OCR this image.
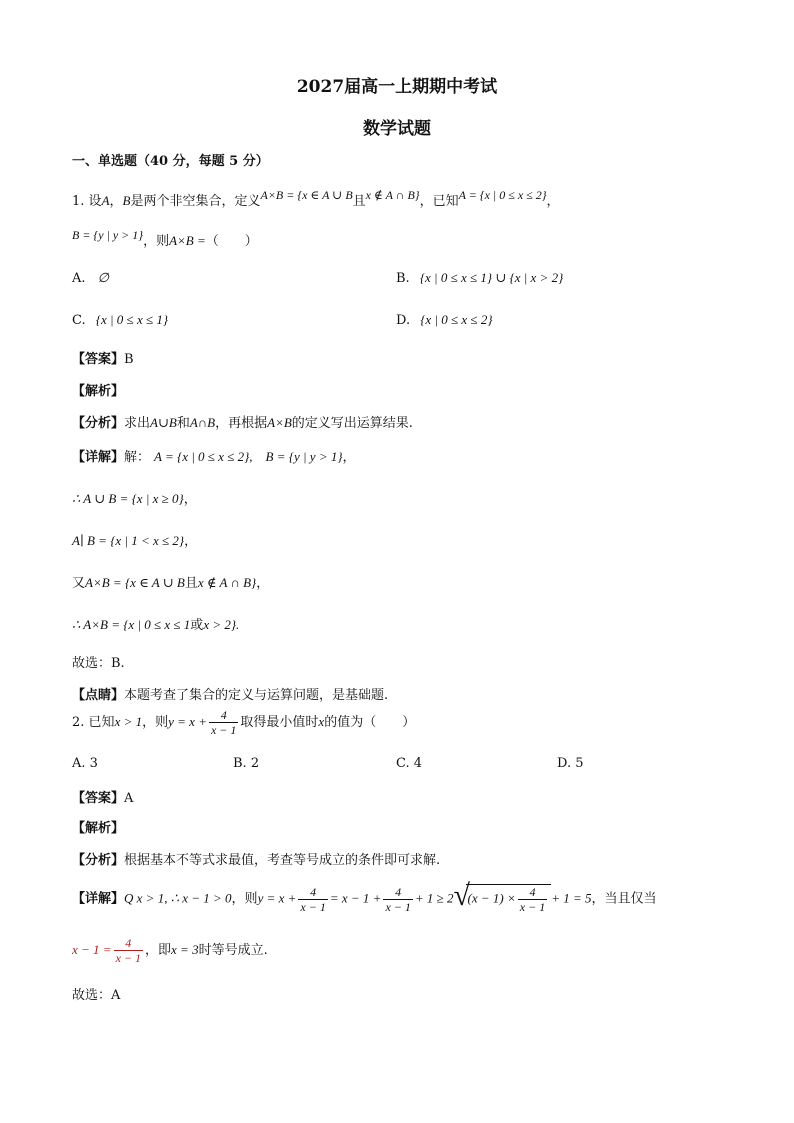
2027届高一上期期中考试
数学试题
一、单选题（40 分，每题 5 分）
1. 设A，B是两个非空集合，定义A×B = {x ∈ A ∪ B且x ∉ A ∩ B}，已知A = {x | 0 ≤ x ≤ 2}，
B = {y | y > 1}，则A×B =（　　）
A. ∅	B. {x | 0 ≤ x ≤ 1} ∪ {x | x > 2}
C. {x | 0 ≤ x ≤ 1}	D. {x | 0 ≤ x ≤ 2}
【答案】B
【解析】
【分析】求出A∪B和A∩B，再根据A×B的定义写出运算结果.
【详解】解： A = {x | 0 ≤ x ≤ 2},　B = {y | y > 1}，
∴ A ∪ B = {x | x ≥ 0}，
A∣ B = {x | 1 < x ≤ 2}，
又A×B = {x ∈ A ∪ B且x ∉ A ∩ B}，
∴ A×B = {x | 0 ≤ x ≤ 1或x > 2}.
故选：B.
【点睛】本题考查了集合的定义与运算问题，是基础题.
2. 已知x > 1，则$y = x + \frac{4}{x - 1}$ 取得最小值时x的值为（　　）
A. 3	B. 2	C. 4	D. 5
【答案】A
【解析】
【分析】根据基本不等式求最值，考查等号成立的条件即可求解.
【详解】Q x > 1, ∴ x − 1 > 0，则$y = x + \frac{4}{x - 1} = x - 1 + \frac{4}{x - 1} + 1 \ge 2$ √
$(x - 1) \times \frac{4}{x - 1} + 1 = 5$，当且仅当
$x - 1 = \frac{4}{x - 1}$ ，即x = 3时等号成立.
故选：A
